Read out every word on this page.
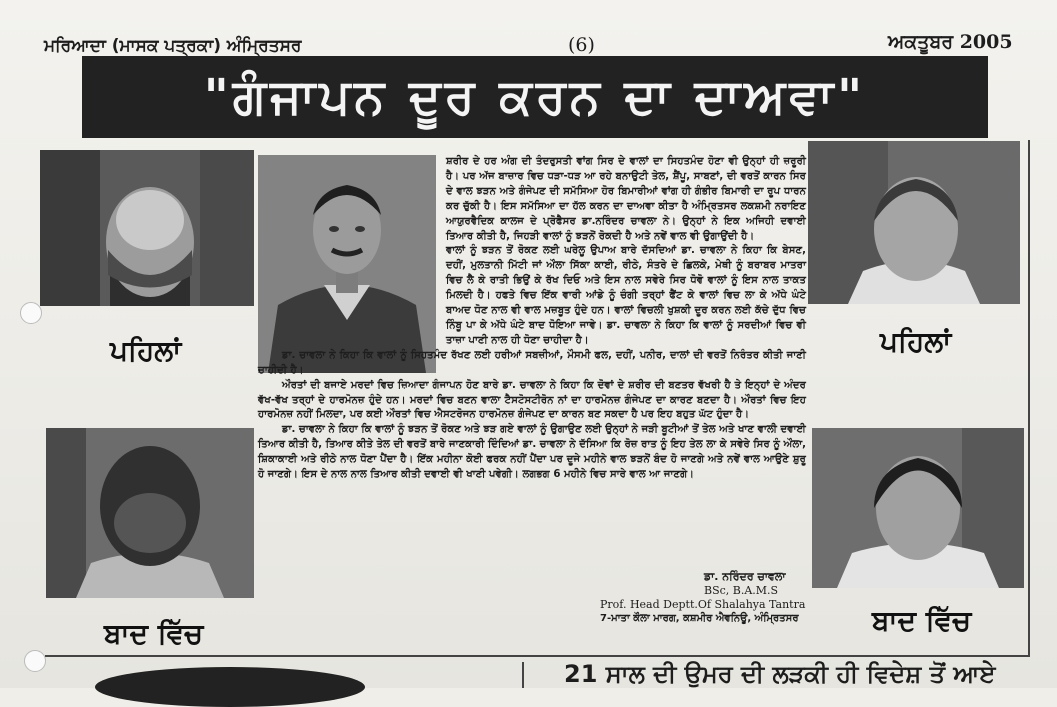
ਮਰਿਆਦਾ (ਮਾਸਕ ਪਤ੍ਰਕਾ) ਅੰਮ੍ਰਿਤਸਰ	(6)	ਅਕਤੂਬਰ 2005
"ਗੰਜਾਪਨ ਦੂਰ ਕਰਨ ਦਾ ਦਾਅਵਾ"
ਪਹਿਲਾਂ	ਪਹਿਲਾਂ
ਬਾਦ ਵਿੱਚ	ਬਾਦ ਵਿੱਚ

ਸ਼ਰੀਰ ਦੇ ਹਰ ਅੰਗ ਦੀ ਤੰਦਰੁਸਤੀ ਵਾਂਗ ਸਿਰ ਦੇ ਵਾਲਾਂ ਦਾ ਸਿਹਤਮੰਦ ਹੋਣਾ ਵੀ ਉਨ੍ਹਾਂ ਹੀ ਜ਼ਰੂਰੀ ਹੈ। ਪਰ ਅੱਜ ਬਾਜ਼ਾਰ ਵਿਚ ਧੜਾ-ਧੜ ਆ ਰਹੇ ਬਨਾਉਟੀ ਤੇਲ, ਸ਼ੈਂਪੂ, ਸਾਬਣਾਂ, ਦੀ ਵਰਤੋਂ ਕਾਰਨ ਸਿਰ ਦੇ ਵਾਲ ਝੜਨ ਅਤੇ ਗੰਜੇਪਣ ਦੀ ਸਮੱਸਿਆ ਹੋਰ ਬਿਮਾਰੀਆਂ ਵਾਂਗ ਹੀ ਗੰਭੀਰ ਬਿਮਾਰੀ ਦਾ ਰੂਪ ਧਾਰਨ ਕਰ ਚੁੱਕੀ ਹੈ। ਇਸ ਸਮੱਸਿਆ ਦਾ ਹੱਲ ਕਰਨ ਦਾ ਦਾਅਵਾ ਕੀਤਾ ਹੈ ਅੰਮ੍ਰਿਤਸਰ ਲਕਸ਼ਮੀ ਨਰਾਇਣ ਆਯੁਰਵੈਦਿਕ ਕਾਲਜ ਦੇ ਪ੍ਰੋਫੈਸਰ ਡਾ.ਨਰਿੰਦਰ ਚਾਵਲਾ ਨੇ। ਉਨ੍ਹਾਂ ਨੇ ਇਕ ਅਜਿਹੀ ਦਵਾਈ ਤਿਆਰ ਕੀਤੀ ਹੈ, ਜਿਹੜੀ ਵਾਲਾਂ ਨੂੰ ਝੜਨੋਂ ਰੋਕਦੀ ਹੈ ਅਤੇ ਨਵੇਂ ਵਾਲ ਵੀ ਉਗਾਉਂਦੀ ਹੈ।

ਵਾਲਾਂ ਨੂੰ ਝੜਨ ਤੋਂ ਰੋਕਣ ਲਈ ਘਰੇਲੂ ਉਪਾਅ ਬਾਰੇ ਦੱਸਦਿਆਂ ਡਾ. ਚਾਵਲਾ ਨੇ ਕਿਹਾ ਕਿ ਬੇਸਣ, ਦਹੀਂ, ਮੁਲਤਾਨੀ ਮਿੱਟੀ ਜਾਂ ਔਲਾ ਸਿੱਕਾ ਕਾਈ, ਰੀਠੇ, ਸੰਤਰੇ ਦੇ ਛਿਲਕੇ, ਮੇਥੀ ਨੂੰ ਬਰਾਬਰ ਮਾਤਰਾ ਵਿਚ ਲੈ ਕੇ ਰਾਤੀ ਭਿਉਂ ਕੇ ਰੱਖ ਦਿਓ ਅਤੇ ਇਸ ਨਾਲ ਸਵੇਰੇ ਸਿਰ ਧੋਵੋ ਵਾਲਾਂ ਨੂੰ ਇਸ ਨਾਲ ਤਾਕਤ ਮਿਲਦੀ ਹੈ। ਹਫਤੇ ਵਿਚ ਇੱਕ ਵਾਰੀ ਆਂਡੇ ਨੂੰ ਚੰਗੀ ਤਰ੍ਹਾਂ ਫੈਂਟ ਕੇ ਵਾਲਾਂ ਵਿਚ ਲਾ ਕੇ ਅੱਧੇ ਘੰਟੇ ਬਾਅਦ ਧੋਣ ਨਾਲ ਵੀ ਵਾਲ ਮਜ਼ਬੂਤ ਹੁੰਦੇ ਹਨ। ਵਾਲਾਂ ਵਿਚਲੀ ਖੁਸ਼ਕੀ ਦੂਰ ਕਰਨ ਲਈ ਕੱਚੇ ਦੁੱਧ ਵਿਚ ਨਿੰਬੂ ਪਾ ਕੇ ਅੱਧੇ ਘੰਟੇ ਬਾਦ ਧੋਇਆ ਜਾਵੇ। ਡਾ. ਚਾਵਲਾ ਨੇ ਕਿਹਾ ਕਿ ਵਾਲਾਂ ਨੂੰ ਸਰਦੀਆਂ ਵਿਚ ਵੀ ਤਾਜ਼ਾ ਪਾਣੀ ਨਾਲ ਹੀ ਧੋਣਾ ਚਾਹੀਦਾ ਹੈ।

ਡਾ. ਚਾਵਲਾ ਨੇ ਕਿਹਾ ਕਿ ਵਾਲਾਂ ਨੂੰ ਸਿਹਤਮੰਦ ਰੱਖਣ ਲਈ ਹਰੀਆਂ ਸਬਜ਼ੀਆਂ, ਮੌਸਮੀ ਫਲ, ਦਹੀਂ, ਪਨੀਰ, ਦਾਲਾਂ ਦੀ ਵਰਤੋਂ ਨਿਰੰਤਰ ਕੀਤੀ ਜਾਣੀ ਚਾਹੀਦੀ ਹੈ।

ਔਰਤਾਂ ਦੀ ਬਜਾਏ ਮਰਦਾਂ ਵਿਚ ਜ਼ਿਆਦਾ ਗੰਜਾਪਨ ਹੋਣ ਬਾਰੇ ਡਾ. ਚਾਵਲਾ ਨੇ ਕਿਹਾ ਕਿ ਦੋਵਾਂ ਦੇ ਸ਼ਰੀਰ ਦੀ ਬਣਤਰ ਵੱਖਰੀ ਹੈ ਤੇ ਇਨ੍ਹਾਂ ਦੇ ਅੰਦਰ ਵੱਖ-ਵੱਖ ਤਰ੍ਹਾਂ ਦੇ ਹਾਰਮੋਨਜ਼ ਹੁੰਦੇ ਹਨ। ਮਰਦਾਂ ਵਿਚ ਬਣਨ ਵਾਲਾ ਟੈਸਟੋਸਟੀਰੋਨ ਨਾਂ ਦਾ ਹਾਰਮੋਨਜ਼ ਗੰਜੇਪਣ ਦਾ ਕਾਰਣ ਬਣਦਾ ਹੈ। ਔਰਤਾਂ ਵਿਚ ਇਹ ਹਾਰਮੋਨਜ਼ ਨਹੀਂ ਮਿਲਦਾ, ਪਰ ਕਈ ਔਰਤਾਂ ਵਿਚ ਐਸਟਰੋਜਨ ਹਾਰਮੋਨਜ਼ ਗੰਜੇਪਣ ਦਾ ਕਾਰਨ ਬਣ ਸਕਦਾ ਹੈ ਪਰ ਇਹ ਬਹੁਤ ਘੱਟ ਹੁੰਦਾ ਹੈ।

ਡਾ. ਚਾਵਲਾ ਨੇ ਕਿਹਾ ਕਿ ਵਾਲਾਂ ਨੂੰ ਝੜਨ ਤੋਂ ਰੋਕਣ ਅਤੇ ਝੜ ਗਏ ਵਾਲਾਂ ਨੂੰ ਉਗਾਉਣ ਲਈ ਉਨ੍ਹਾਂ ਨੇ ਜੜੀ ਬੂਟੀਆਂ ਤੋਂ ਤੇਲ ਅਤੇ ਖਾਣ ਵਾਲੀ ਦਵਾਈ ਤਿਆਰ ਕੀਤੀ ਹੈ, ਤਿਆਰ ਕੀਤੇ ਤੇਲ ਦੀ ਵਰਤੋਂ ਬਾਰੇ ਜਾਣਕਾਰੀ ਦਿੰਦਿਆਂ ਡਾ. ਚਾਵਲਾ ਨੇ ਦੱਸਿਆ ਕਿ ਰੋਜ਼ ਰਾਤ ਨੂੰ ਇਹ ਤੇਲ ਲਾ ਕੇ ਸਵੇਰੇ ਸਿਰ ਨੂੰ ਔਲਾ, ਸ਼ਿਕਾਕਾਈ ਅਤੇ ਰੀਠੇ ਨਾਲ ਧੋਣਾ ਪੈਂਦਾ ਹੈ। ਇੱਕ ਮਹੀਨਾ ਕੋਈ ਫਰਕ ਨਹੀਂ ਪੈਂਦਾ ਪਰ ਦੂਜੇ ਮਹੀਨੇ ਵਾਲ ਝੜਨੋਂ ਬੰਦ ਹੋ ਜਾਣਗੇ ਅਤੇ ਨਵੇਂ ਵਾਲ ਆਉਣੇ ਸ਼ੁਰੂ ਹੋ ਜਾਣਗੇ। ਇਸ ਦੇ ਨਾਲ ਨਾਲ ਤਿਆਰ ਕੀਤੀ ਦਵਾਈ ਵੀ ਖਾਣੀ ਪਵੇਗੀ। ਲਗਭਗ 6 ਮਹੀਨੇ ਵਿਚ ਸਾਰੇ ਵਾਲ ਆ ਜਾਣਗੇ।

ਡਾ. ਨਰਿੰਦਰ ਚਾਵਲਾ
BSc, B.A.M.S
Prof. Head Deptt.Of Shalahya Tantra
7-ਮਾਤਾ ਕੌਲਾ ਮਾਰਗ, ਕਸ਼ਮੀਰ ਐਵਨਿਊ, ਅੰਮ੍ਰਿਤਸਰ
21 ਸਾਲ ਦੀ ਉਮਰ ਦੀ ਲੜਕੀ ਹੀ ਵਿਦੇਸ਼ ਤੋਂ ਆਏ
